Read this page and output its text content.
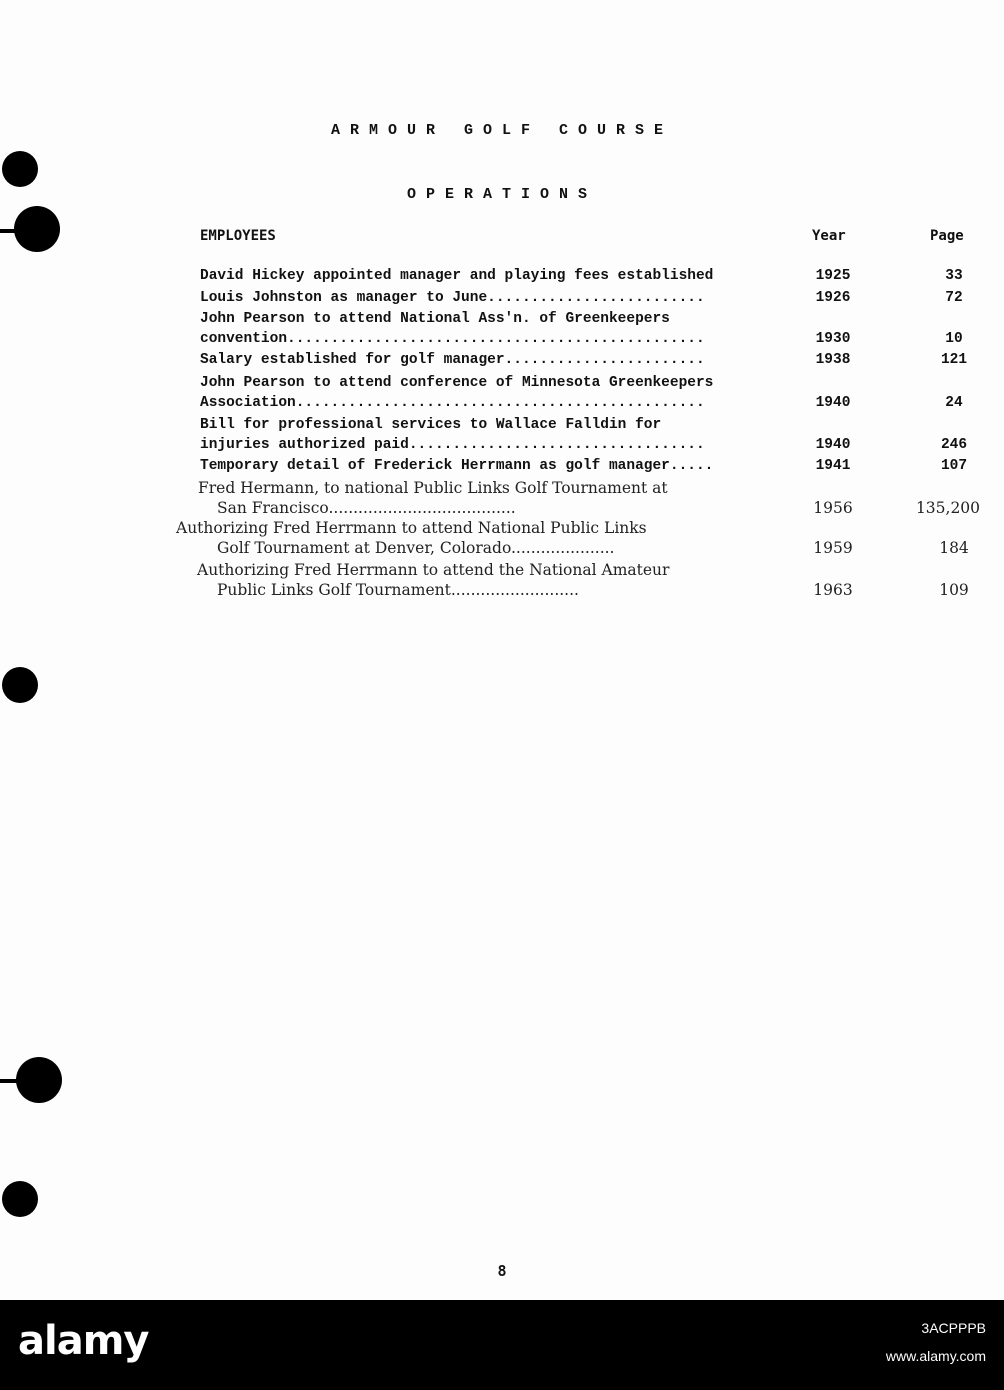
ARMOUR GOLF COURSE
OPERATIONS
EMPLOYEES	Year	Page
David Hickey appointed manager and playing fees established	1925	33
Louis Johnston as manager to June.........................	1926	72
John Pearson to attend National Ass'n. of Greenkeepers
convention................................................	1930	10
Salary established for golf manager.......................	1938	121
John Pearson to attend conference of Minnesota Greenkeepers
Association...............................................	1940	24
Bill for professional services to Wallace Falldin for
injuries authorized paid..................................	1940	246
Temporary detail of Frederick Herrmann as golf manager.....	1941	107
Fred Hermann, to national Public Links Golf Tournament at
San Francisco......................................	1956	135,200
Authorizing Fred Herrmann to attend National Public Links
Golf Tournament at Denver, Colorado.....................	1959	184
Authorizing Fred Herrmann to attend the National Amateur
Public Links Golf Tournament..........................	1963	109
8
alamy	3ACPPPB
www.alamy.com
